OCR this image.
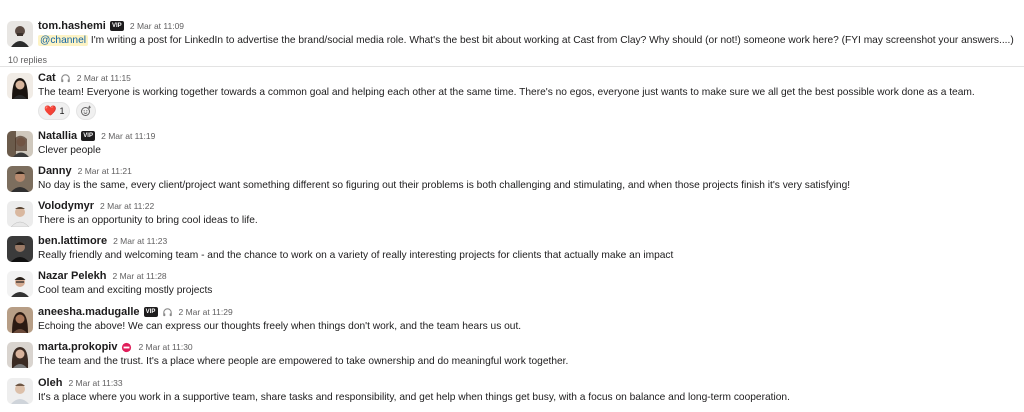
tom.hashemi	VIP 2 Mar at 11:09
@channel I'm writing a post for LinkedIn to advertise the brand/social media role. What's the best bit about working at Cast from Clay? Why should (or not!) someone work here? (FYI may screenshot your answers....)
10 replies
Cat 2 Mar at 11:15
The team! Everyone is working together towards a common goal and helping each other at the same time. There's no egos, everyone just wants to make sure we all get the best possible work done as a team.
❤️ 1
Natallia	VIP 2 Mar at 11:19
Clever people
Danny 2 Mar at 11:21
No day is the same, every client/project want something different so figuring out their problems is both challenging and stimulating, and when those projects finish it's very satisfying!
Volodymyr 2 Mar at 11:22
There is an opportunity to bring cool ideas to life.
ben.lattimore 2 Mar at 11:23
Really friendly and welcoming team - and the chance to work on a variety of really interesting projects for clients that actually make an impact
Nazar Pelekh 2 Mar at 11:28
Cool team and exciting mostly projects
aneesha.madugalle	VIP	2 Mar at 11:29
Echoing the above! We can express our thoughts freely when things don't work, and the team hears us out.
marta.prokopiv 2 Mar at 11:30
The team and the trust. It's a place where people are empowered to take ownership and do meaningful work together.
Oleh 2 Mar at 11:33
It's a place where you work in a supportive team, share tasks and responsibility, and get help when things get busy, with a focus on balance and long-term cooperation.
